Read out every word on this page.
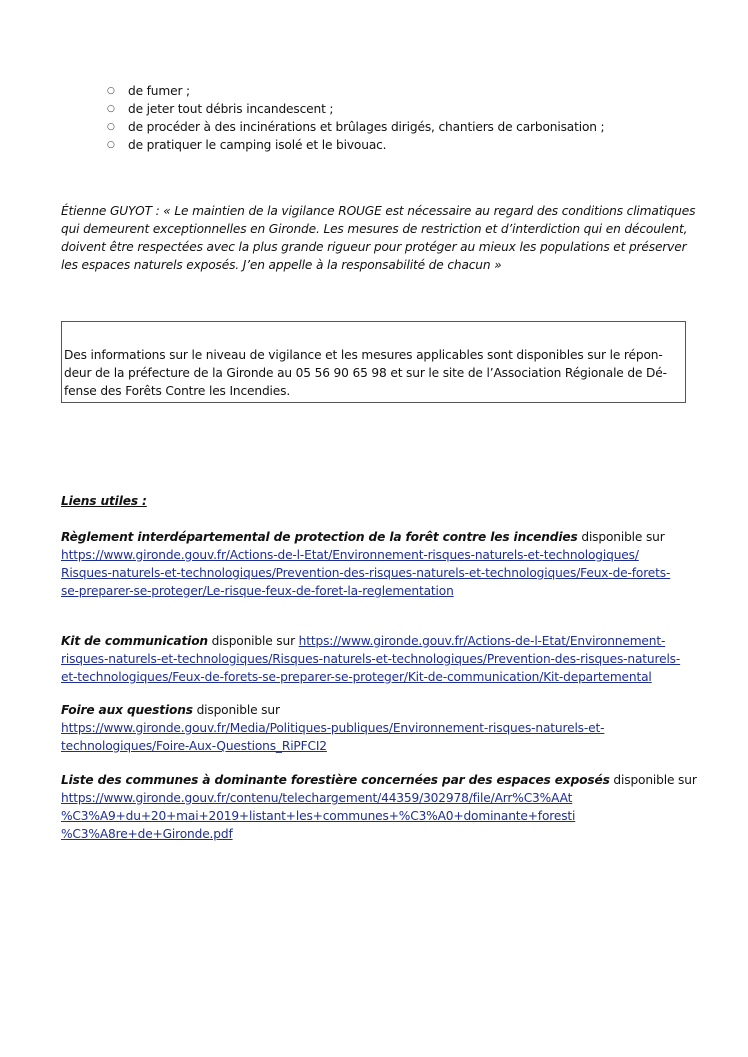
○ de fumer ;
○ de jeter tout débris incandescent ;
○ de procéder à des incinérations et brûlages dirigés, chantiers de carbonisation ;
○ de pratiquer le camping isolé et le bivouac.
Étienne GUYOT : « Le maintien de la vigilance ROUGE est nécessaire au regard des conditions climatiques
qui demeurent exceptionnelles en Gironde. Les mesures de restriction et d’interdiction qui en découlent,
doivent être respectées avec la plus grande rigueur pour protéger au mieux les populations et préserver
les espaces naturels exposés. J’en appelle à la responsabilité de chacun »
Des informations sur le niveau de vigilance et les mesures applicables sont disponibles sur le répon-
deur de la préfecture de la Gironde au 05 56 90 65 98 et sur le site de l’Association Régionale de Dé-
fense des Forêts Contre les Incendies.
Liens utiles :
Règlement interdépartemental de protection de la forêt contre les incendies disponible sur
https://www.gironde.gouv.fr/Actions-de-l-Etat/Environnement-risques-naturels-et-technologiques/
Risques-naturels-et-technologiques/Prevention-des-risques-naturels-et-technologiques/Feux-de-forets-
se-preparer-se-proteger/Le-risque-feux-de-foret-la-reglementation
Kit de communication disponible sur https://www.gironde.gouv.fr/Actions-de-l-Etat/Environnement-
risques-naturels-et-technologiques/Risques-naturels-et-technologiques/Prevention-des-risques-naturels-
et-technologiques/Feux-de-forets-se-preparer-se-proteger/Kit-de-communication/Kit-departemental
Foire aux questions disponible sur
https://www.gironde.gouv.fr/Media/Politiques-publiques/Environnement-risques-naturels-et-
technologiques/Foire-Aux-Questions_RiPFCI2
Liste des communes à dominante forestière concernées par des espaces exposés disponible sur
https://www.gironde.gouv.fr/contenu/telechargement/44359/302978/file/Arr%C3%AAt
%C3%A9+du+20+mai+2019+listant+les+communes+%C3%A0+dominante+foresti
%C3%A8re+de+Gironde.pdf
